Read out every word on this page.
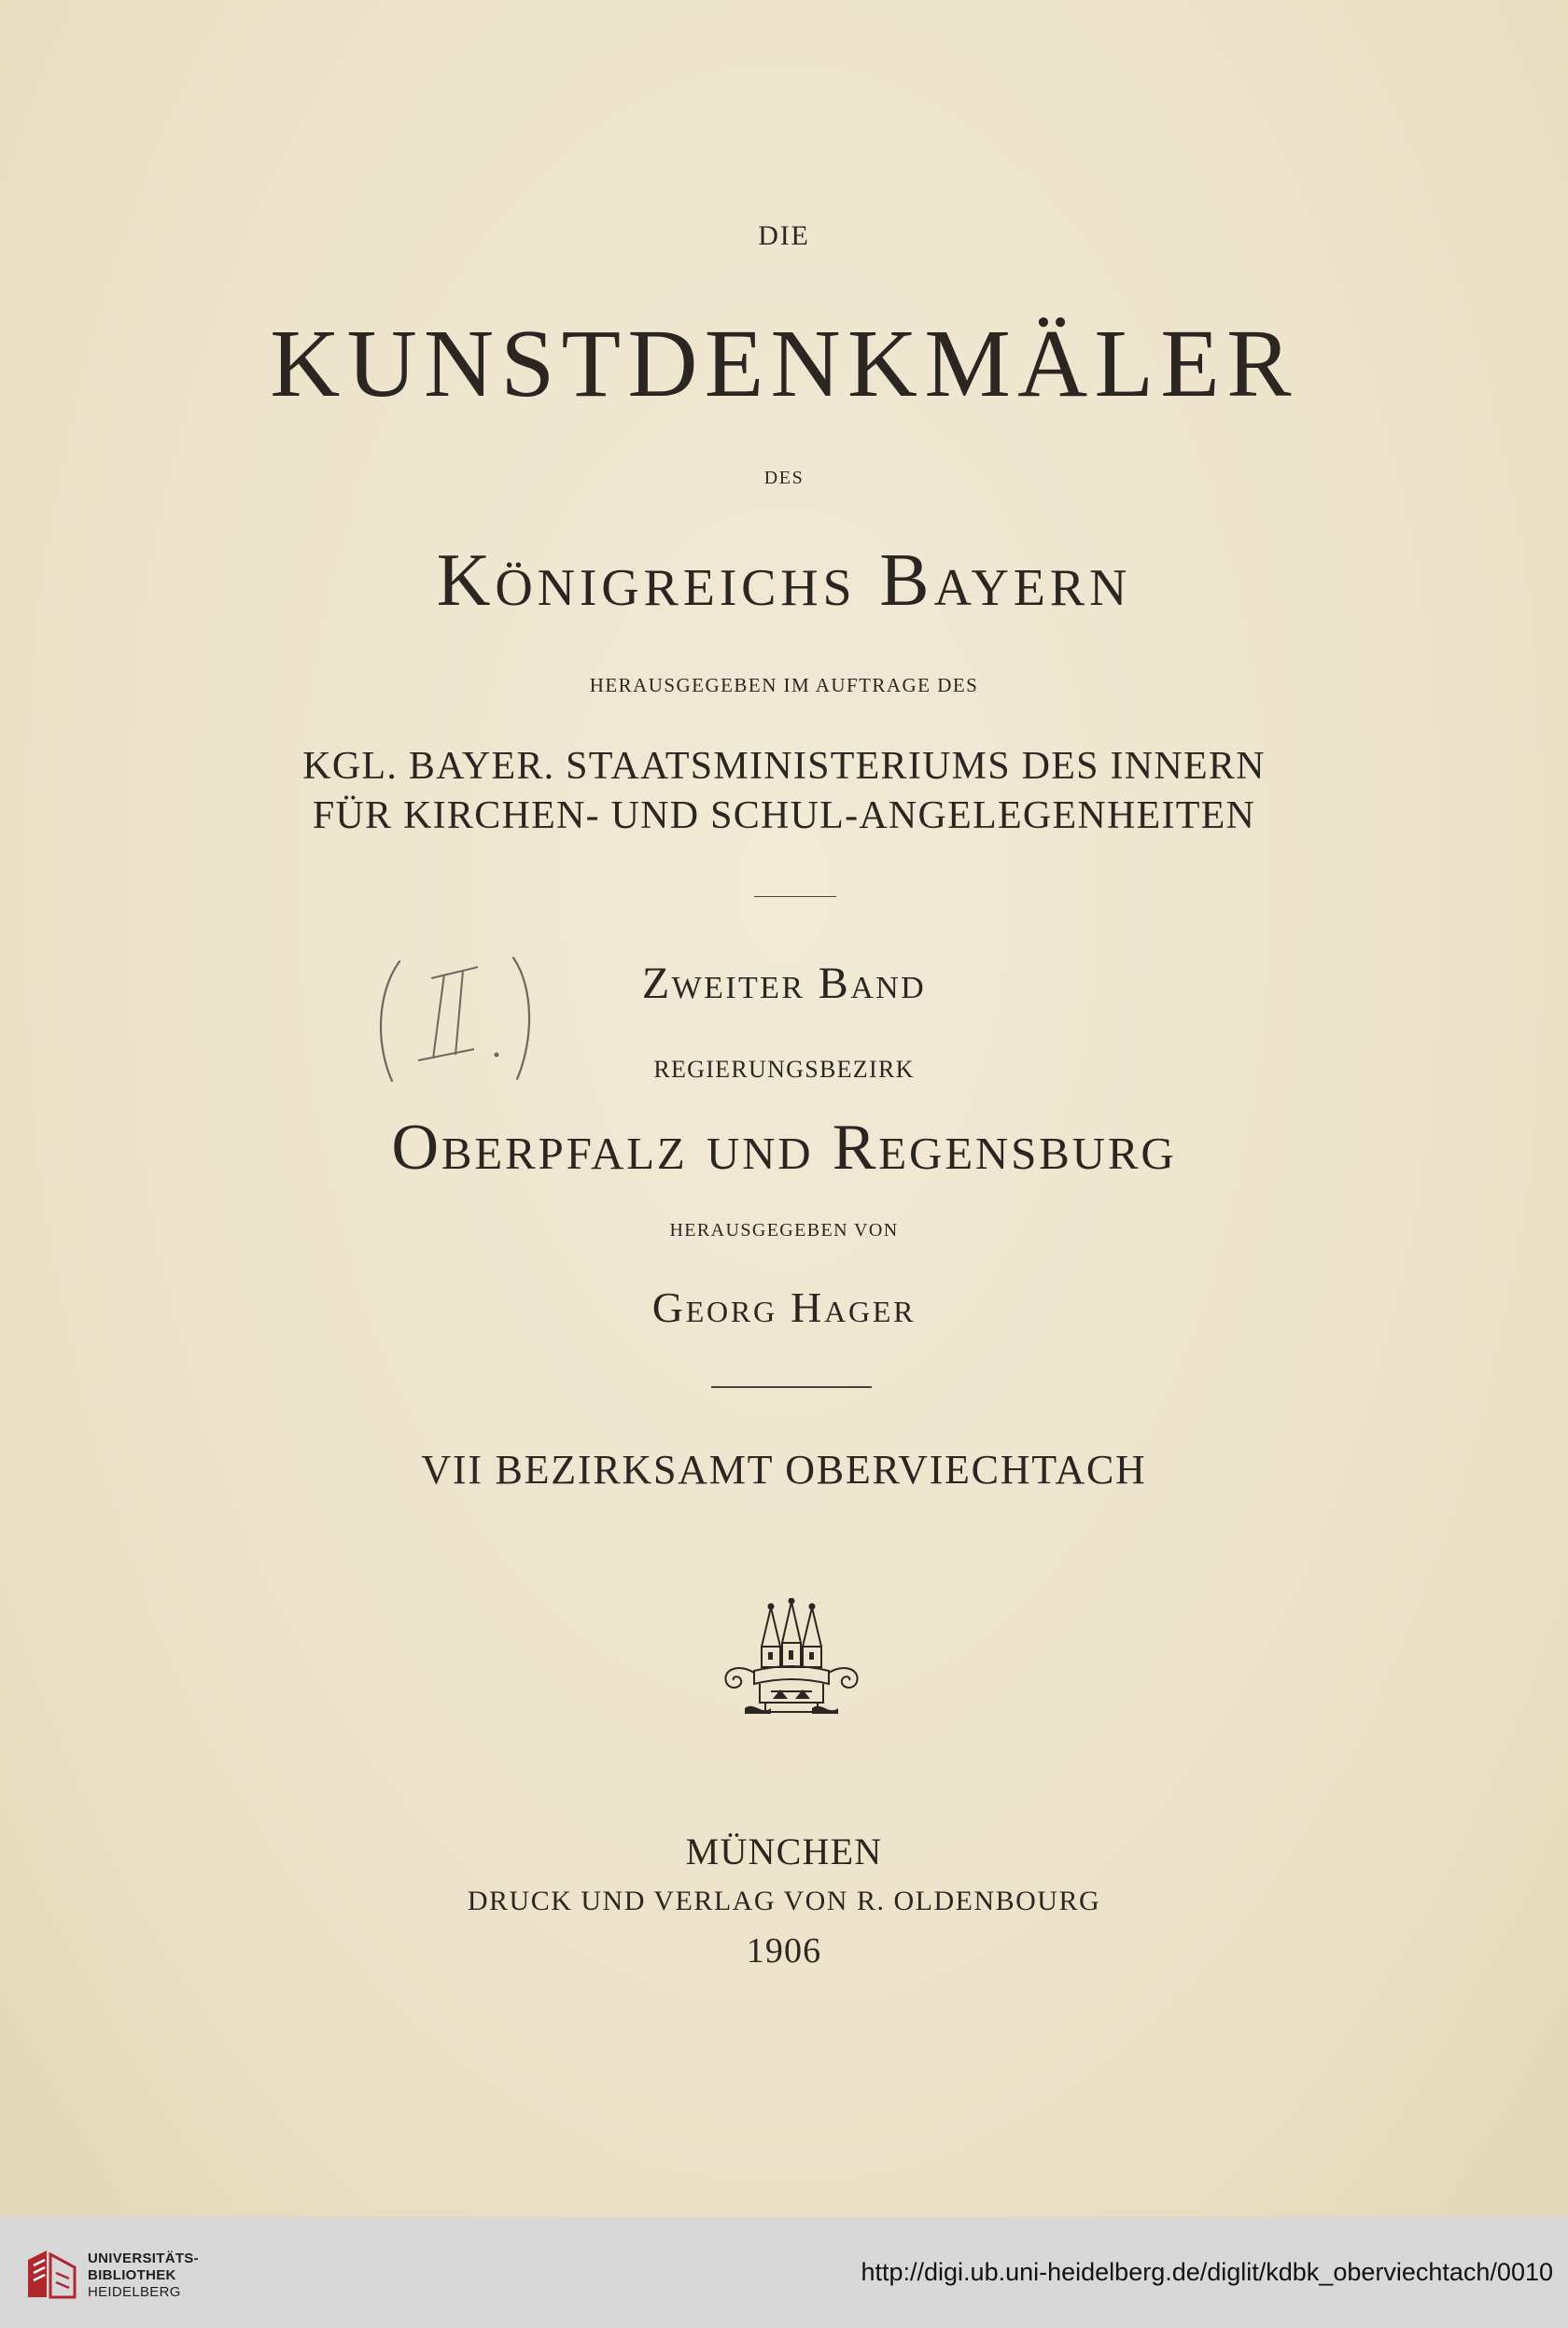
DIE
KUNSTDENKMÄLER
DES
Königreichs Bayern
HERAUSGEGEBEN IM AUFTRAGE DES
KGL. BAYER. STAATSMINISTERIUMS DES INNERN
FÜR KIRCHEN- UND SCHUL-ANGELEGENHEITEN
Zweiter Band
REGIERUNGSBEZIRK
Oberpfalz und Regensburg
HERAUSGEGEBEN VON
Georg Hager
VII BEZIRKSAMT OBERVIECHTACH
MÜNCHEN
DRUCK UND VERLAG VON R. OLDENBOURG
1906
UNIVERSITÄTS-
BIBLIOTHEK
HEIDELBERG
http://digi.ub.uni-heidelberg.de/diglit/kdbk_oberviechtach/0010
